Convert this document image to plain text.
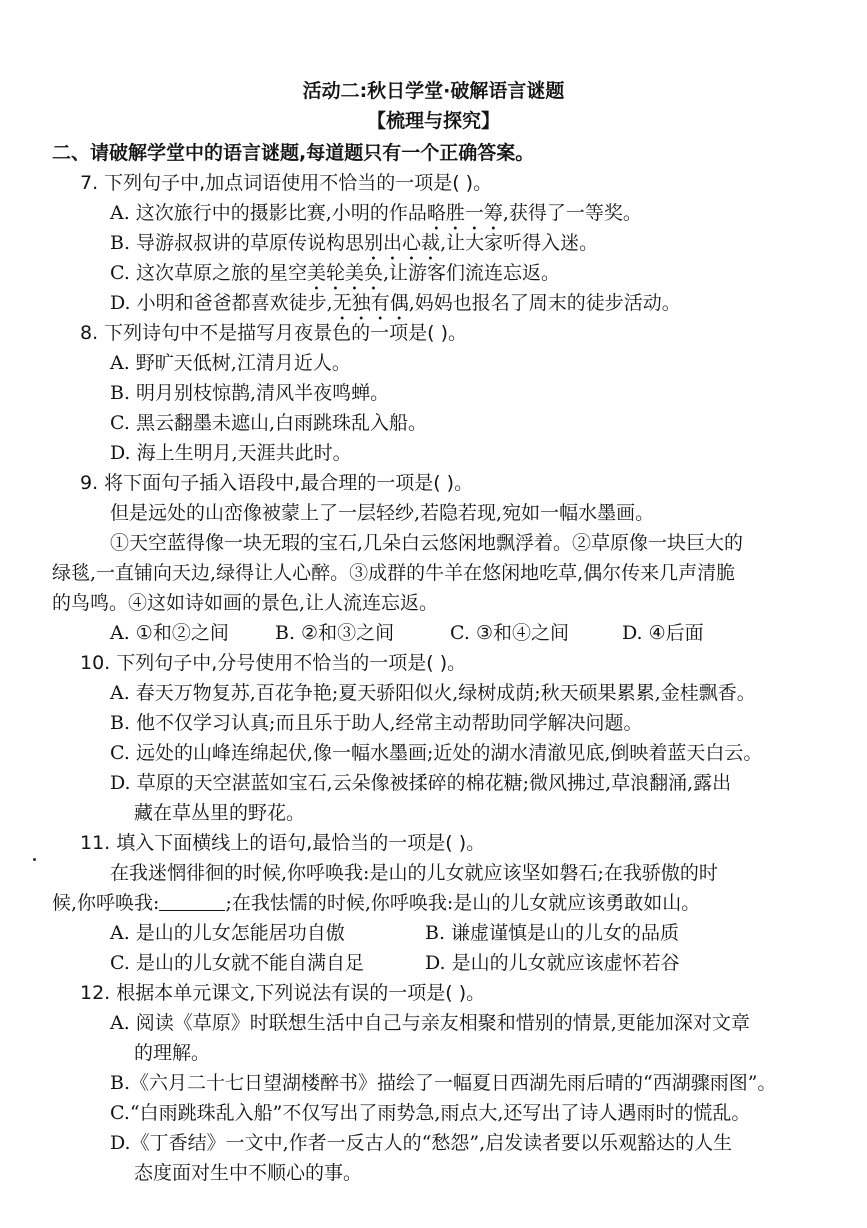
活动二:秋日学堂·破解语言谜题
【梳理与探究】
二、请破解学堂中的语言谜题,每道题只有一个正确答案。
7. 下列句子中,加点词语使用不恰当的一项是( )。
A. 这次旅行中的摄影比赛,小明的作品略胜一筹,获得了一等奖。
B. 导游叔叔讲的草原传说构思别出心裁,让大家听得入迷。
C. 这次草原之旅的星空美轮美奂,让游客们流连忘返。
D. 小明和爸爸都喜欢徒步,无独有偶,妈妈也报名了周末的徒步活动。
8. 下列诗句中不是描写月夜景色的一项是( )。
A. 野旷天低树,江清月近人。
B. 明月别枝惊鹊,清风半夜鸣蝉。
C. 黑云翻墨未遮山,白雨跳珠乱入船。
D. 海上生明月,天涯共此时。
9. 将下面句子插入语段中,最合理的一项是( )。
但是远处的山峦像被蒙上了一层轻纱,若隐若现,宛如一幅水墨画。
①天空蓝得像一块无瑕的宝石,几朵白云悠闲地飘浮着。②草原像一块巨大的
绿毯,一直铺向天边,绿得让人心醉。③成群的牛羊在悠闲地吃草,偶尔传来几声清脆
的鸟鸣。④这如诗如画的景色,让人流连忘返。
A. ①和②之间 B. ②和③之间	C. ③和④之间	D. ④后面
10. 下列句子中,分号使用不恰当的一项是( )。
A. 春天万物复苏,百花争艳;夏天骄阳似火,绿树成荫;秋天硕果累累,金桂飘香。
B. 他不仅学习认真;而且乐于助人,经常主动帮助同学解决问题。
C. 远处的山峰连绵起伏,像一幅水墨画;近处的湖水清澈见底,倒映着蓝天白云。
D. 草原的天空湛蓝如宝石,云朵像被揉碎的棉花糖;微风拂过,草浪翻涌,露出
藏在草丛里的野花。
11. 填入下面横线上的语句,最恰当的一项是( )。
在我迷惘徘徊的时候,你呼唤我:是山的儿女就应该坚如磐石;在我骄傲的时
候,你呼唤我:	;在我怯懦的时候,你呼唤我:是山的儿女就应该勇敢如山。
A. 是山的儿女怎能居功自傲	B. 谦虚谨慎是山的儿女的品质
C. 是山的儿女就不能自满自足	D. 是山的儿女就应该虚怀若谷
12. 根据本单元课文,下列说法有误的一项是( )。
A. 阅读《草原》时联想生活中自己与亲友相聚和惜别的情景,更能加深对文章
的理解。
B.《六月二十七日望湖楼醉书》描绘了一幅夏日西湖先雨后晴的“西湖骤雨图”。
C.“白雨跳珠乱入船”不仅写出了雨势急,雨点大,还写出了诗人遇雨时的慌乱。
D.《丁香结》一文中,作者一反古人的“愁怨”,启发读者要以乐观豁达的人生
态度面对生中不顺心的事。
